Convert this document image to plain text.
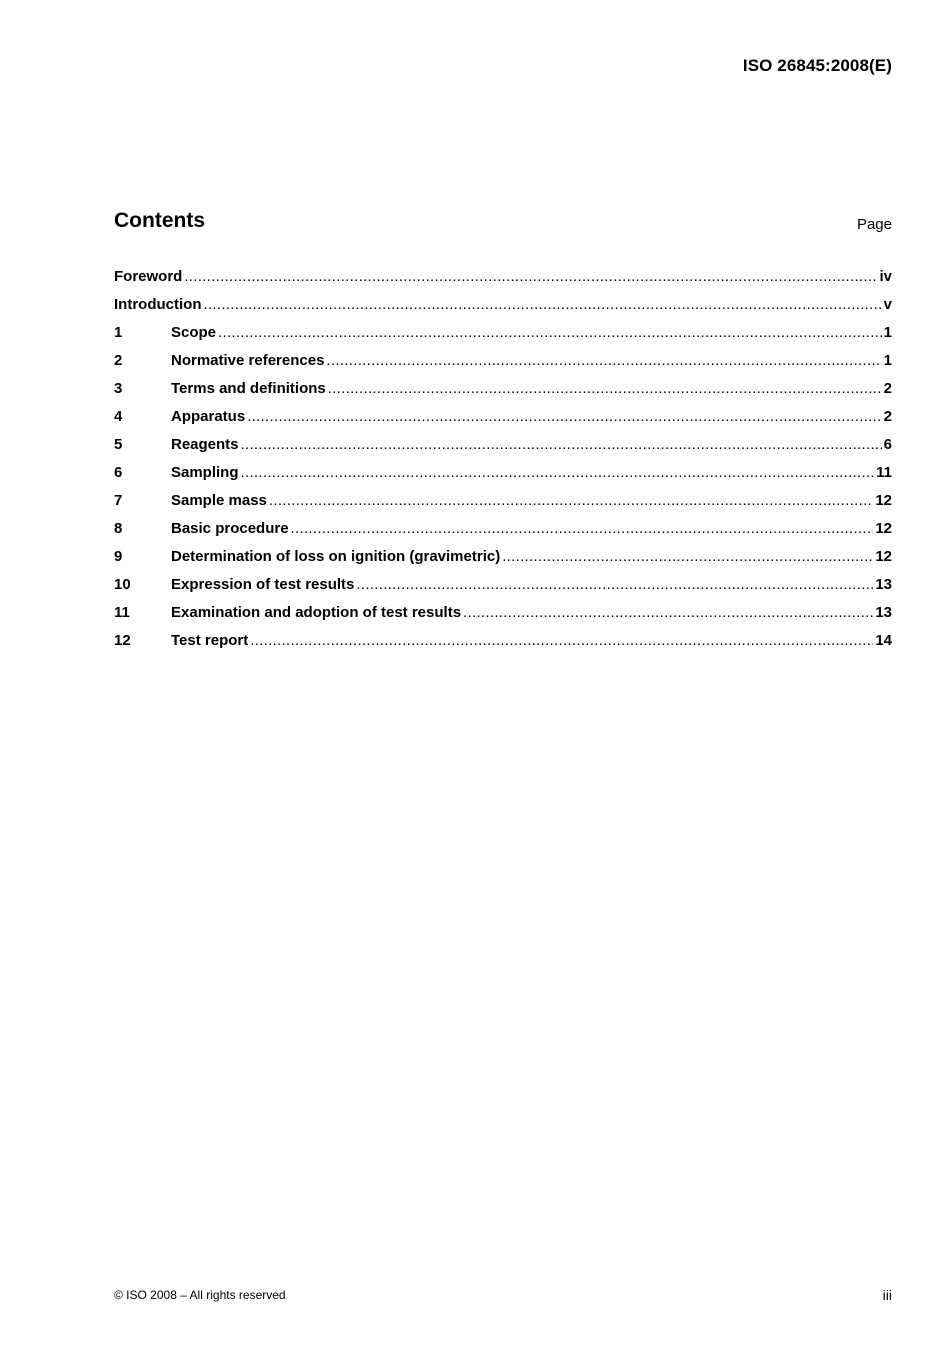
ISO 26845:2008(E)
Contents	Page
Foreword .....	iv
Introduction .....	v
1	Scope .....	1
2	Normative references .....	1
3	Terms and definitions .....	2
4	Apparatus .....	2
5	Reagents .....	6
6	Sampling .....	11
7	Sample mass .....	12
8	Basic procedure .....	12
9	Determination of loss on ignition (gravimetric) .....	12
10	Expression of test results .....	13
11	Examination and adoption of test results .....	13
12	Test report .....	14
© ISO 2008 – All rights reserved	iii
